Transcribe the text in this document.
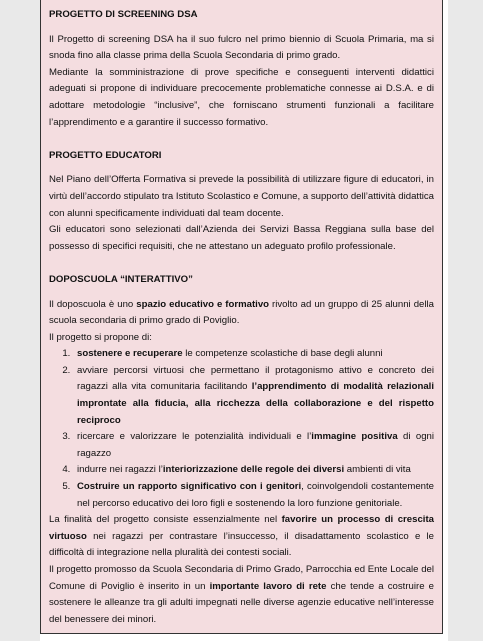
PROGETTO DI SCREENING DSA

Il Progetto di screening DSA ha il suo fulcro nel primo biennio di Scuola Primaria, ma si snoda fino alla classe prima della Scuola Secondaria di primo grado.

Mediante la somministrazione di prove specifiche e conseguenti interventi didattici adeguati si propone di individuare precocemente problematiche connesse ai D.S.A. e di adottare metodologie “inclusive”, che forniscano strumenti funzionali a facilitare l’apprendimento e a garantire il successo formativo.

PROGETTO EDUCATORI

Nel Piano dell’Offerta Formativa si prevede la possibilità di utilizzare figure di educatori, in virtù dell’accordo stipulato tra Istituto Scolastico e Comune, a supporto dell’attività didattica con alunni specificamente individuati dal team docente.

Gli educatori sono selezionati dall’Azienda dei Servizi Bassa Reggiana sulla base del possesso di specifici requisiti, che ne attestano un adeguato profilo professionale.

DOPOSCUOLA “INTERATTIVO”

Il doposcuola è uno spazio educativo e formativo rivolto ad un gruppo di 25 alunni della scuola secondaria di primo grado di Poviglio.

Il progetto si propone di:

1. sostenere e recuperare le competenze scolastiche di base degli alunni
2. avviare percorsi virtuosi che permettano il protagonismo attivo e concreto dei ragazzi alla vita comunitaria facilitando l’apprendimento di modalità relazionali improntate alla fiducia, alla ricchezza della collaborazione e del rispetto reciproco
3. ricercare e valorizzare le potenzialità individuali e l’immagine positiva di ogni ragazzo
4. indurre nei ragazzi l’interiorizzazione delle regole dei diversi ambienti di vita
5. Costruire un rapporto significativo con i genitori, coinvolgendoli costantemente nel percorso educativo dei loro figli e sostenendo la loro funzione genitoriale.

La finalità del progetto consiste essenzialmente nel favorire un processo di crescita virtuoso nei ragazzi per contrastare l’insuccesso, il disadattamento scolastico e le difficoltà di integrazione nella pluralità dei contesti sociali.

Il progetto promosso da Scuola Secondaria di Primo Grado, Parrocchia ed Ente Locale del Comune di Poviglio è inserito in un importante lavoro di rete che tende a costruire e sostenere le alleanze tra gli adulti impegnati nelle diverse agenzie educative nell’interesse del benessere dei minori.
